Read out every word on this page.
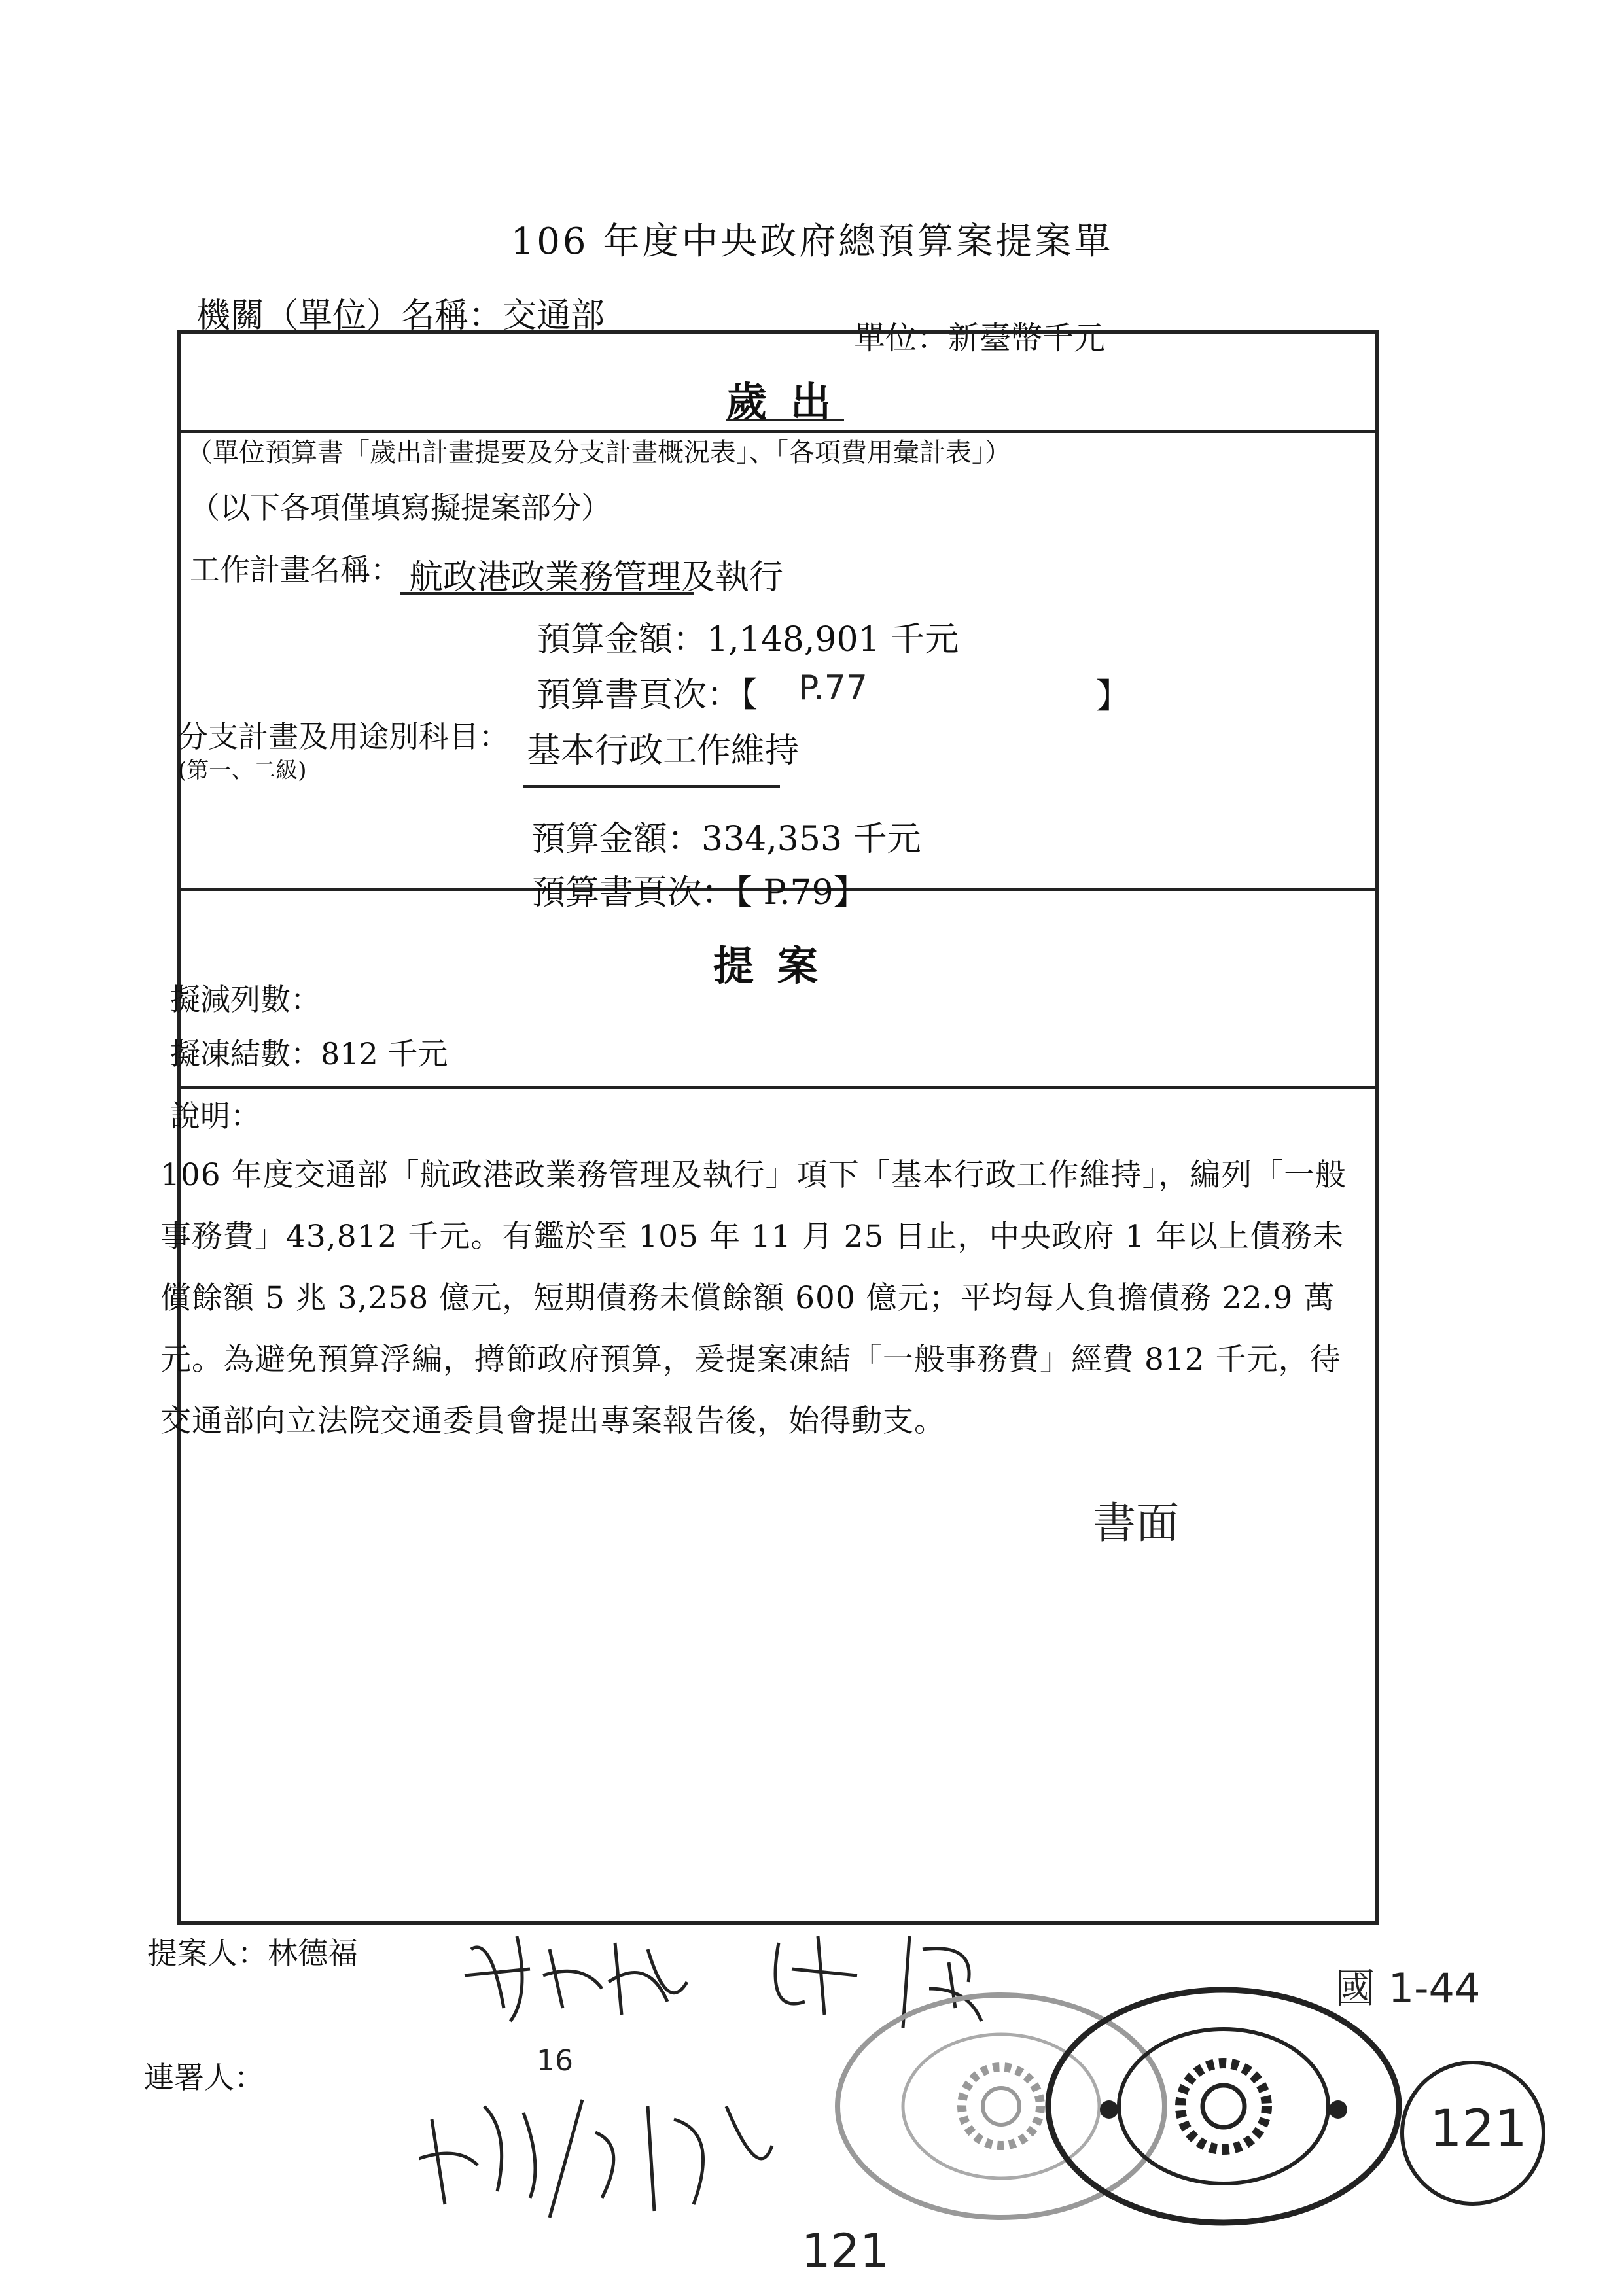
106 年度中央政府總預算案提案單
機關（單位）名稱：交通部
單位：新臺幣千元
歲出
（單位預算書「歲出計畫提要及分支計畫概況表」、「各項費用彙計表」）
（以下各項僅填寫擬提案部分）
工作計畫名稱： 航政港政業務管理及執行
預算金額：1,148,901 千元
預算書頁次：【 P.77	】
分支計畫及用途別科目：
(第一、二級)	基本行政工作維持
預算金額：334,353 千元
預算書頁次：【 P.79】
提案
擬減列數：
擬凍結數：812 千元
說明：
106 年度交通部「航政港政業務管理及執行」項下「基本行政工作維持」，編列「一般事務費」43,812 千元。有鑑於至 105 年 11 月 25 日止，中央政府 1 年以上債務未償餘額 5 兆 3,258 億元，短期債務未償餘額 600 億元；平均每人負擔債務 22.9 萬元。為避免預算浮編，撙節政府預算，爰提案凍結「一般事務費」經費 812 千元，待交通部向立法院交通委員會提出專案報告後，始得動支。
書面
提案人：林德福
連署人：	16
121
國 1-44
121
